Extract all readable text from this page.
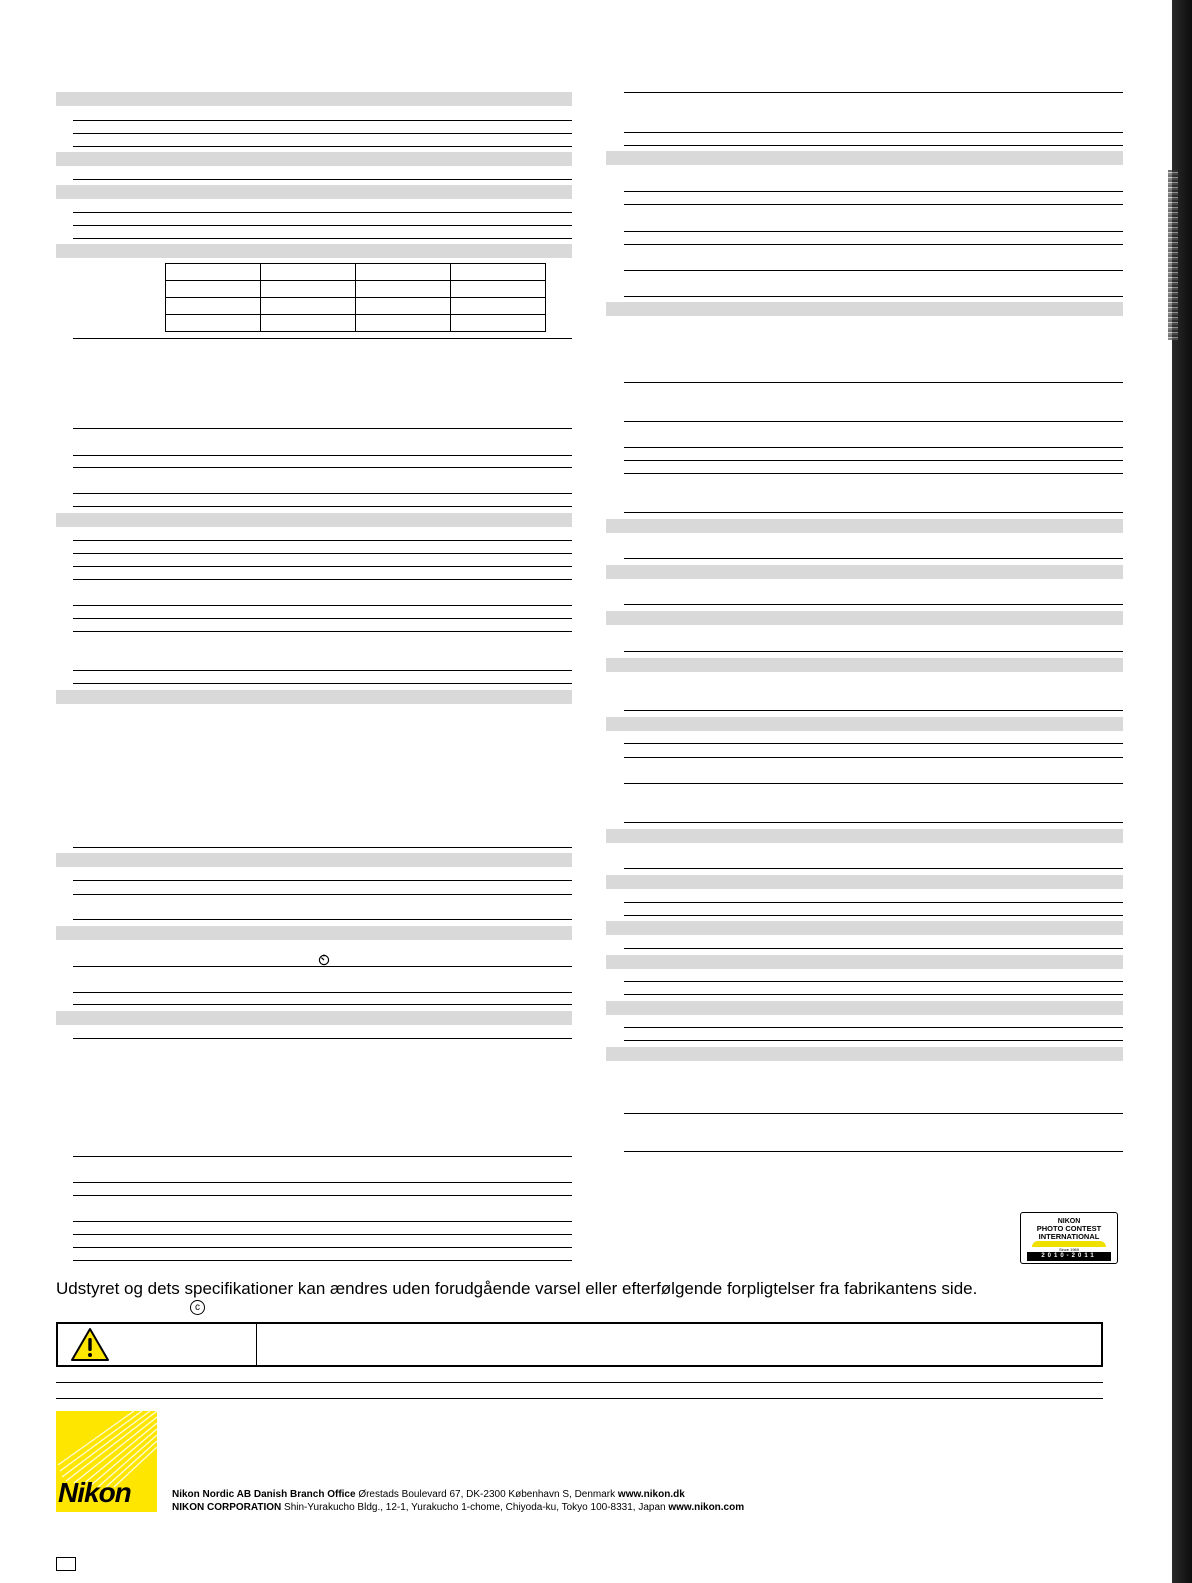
NIKON
PHOTO CONTEST
INTERNATIONAL
Since 1969
2010-2011
Udstyret og dets specifikationer kan ændres uden forudgående varsel eller efterfølgende forpligtelser fra fabrikantens side.
c
Nikon	Nikon Nordic AB Danish Branch Office Ørestads Boulevard 67, DK-2300 København S, Denmark www.nikon.dk
NIKON CORPORATION Shin-Yurakucho Bldg., 12-1, Yurakucho 1-chome, Chiyoda-ku, Tokyo 100-8331, Japan www.nikon.com
